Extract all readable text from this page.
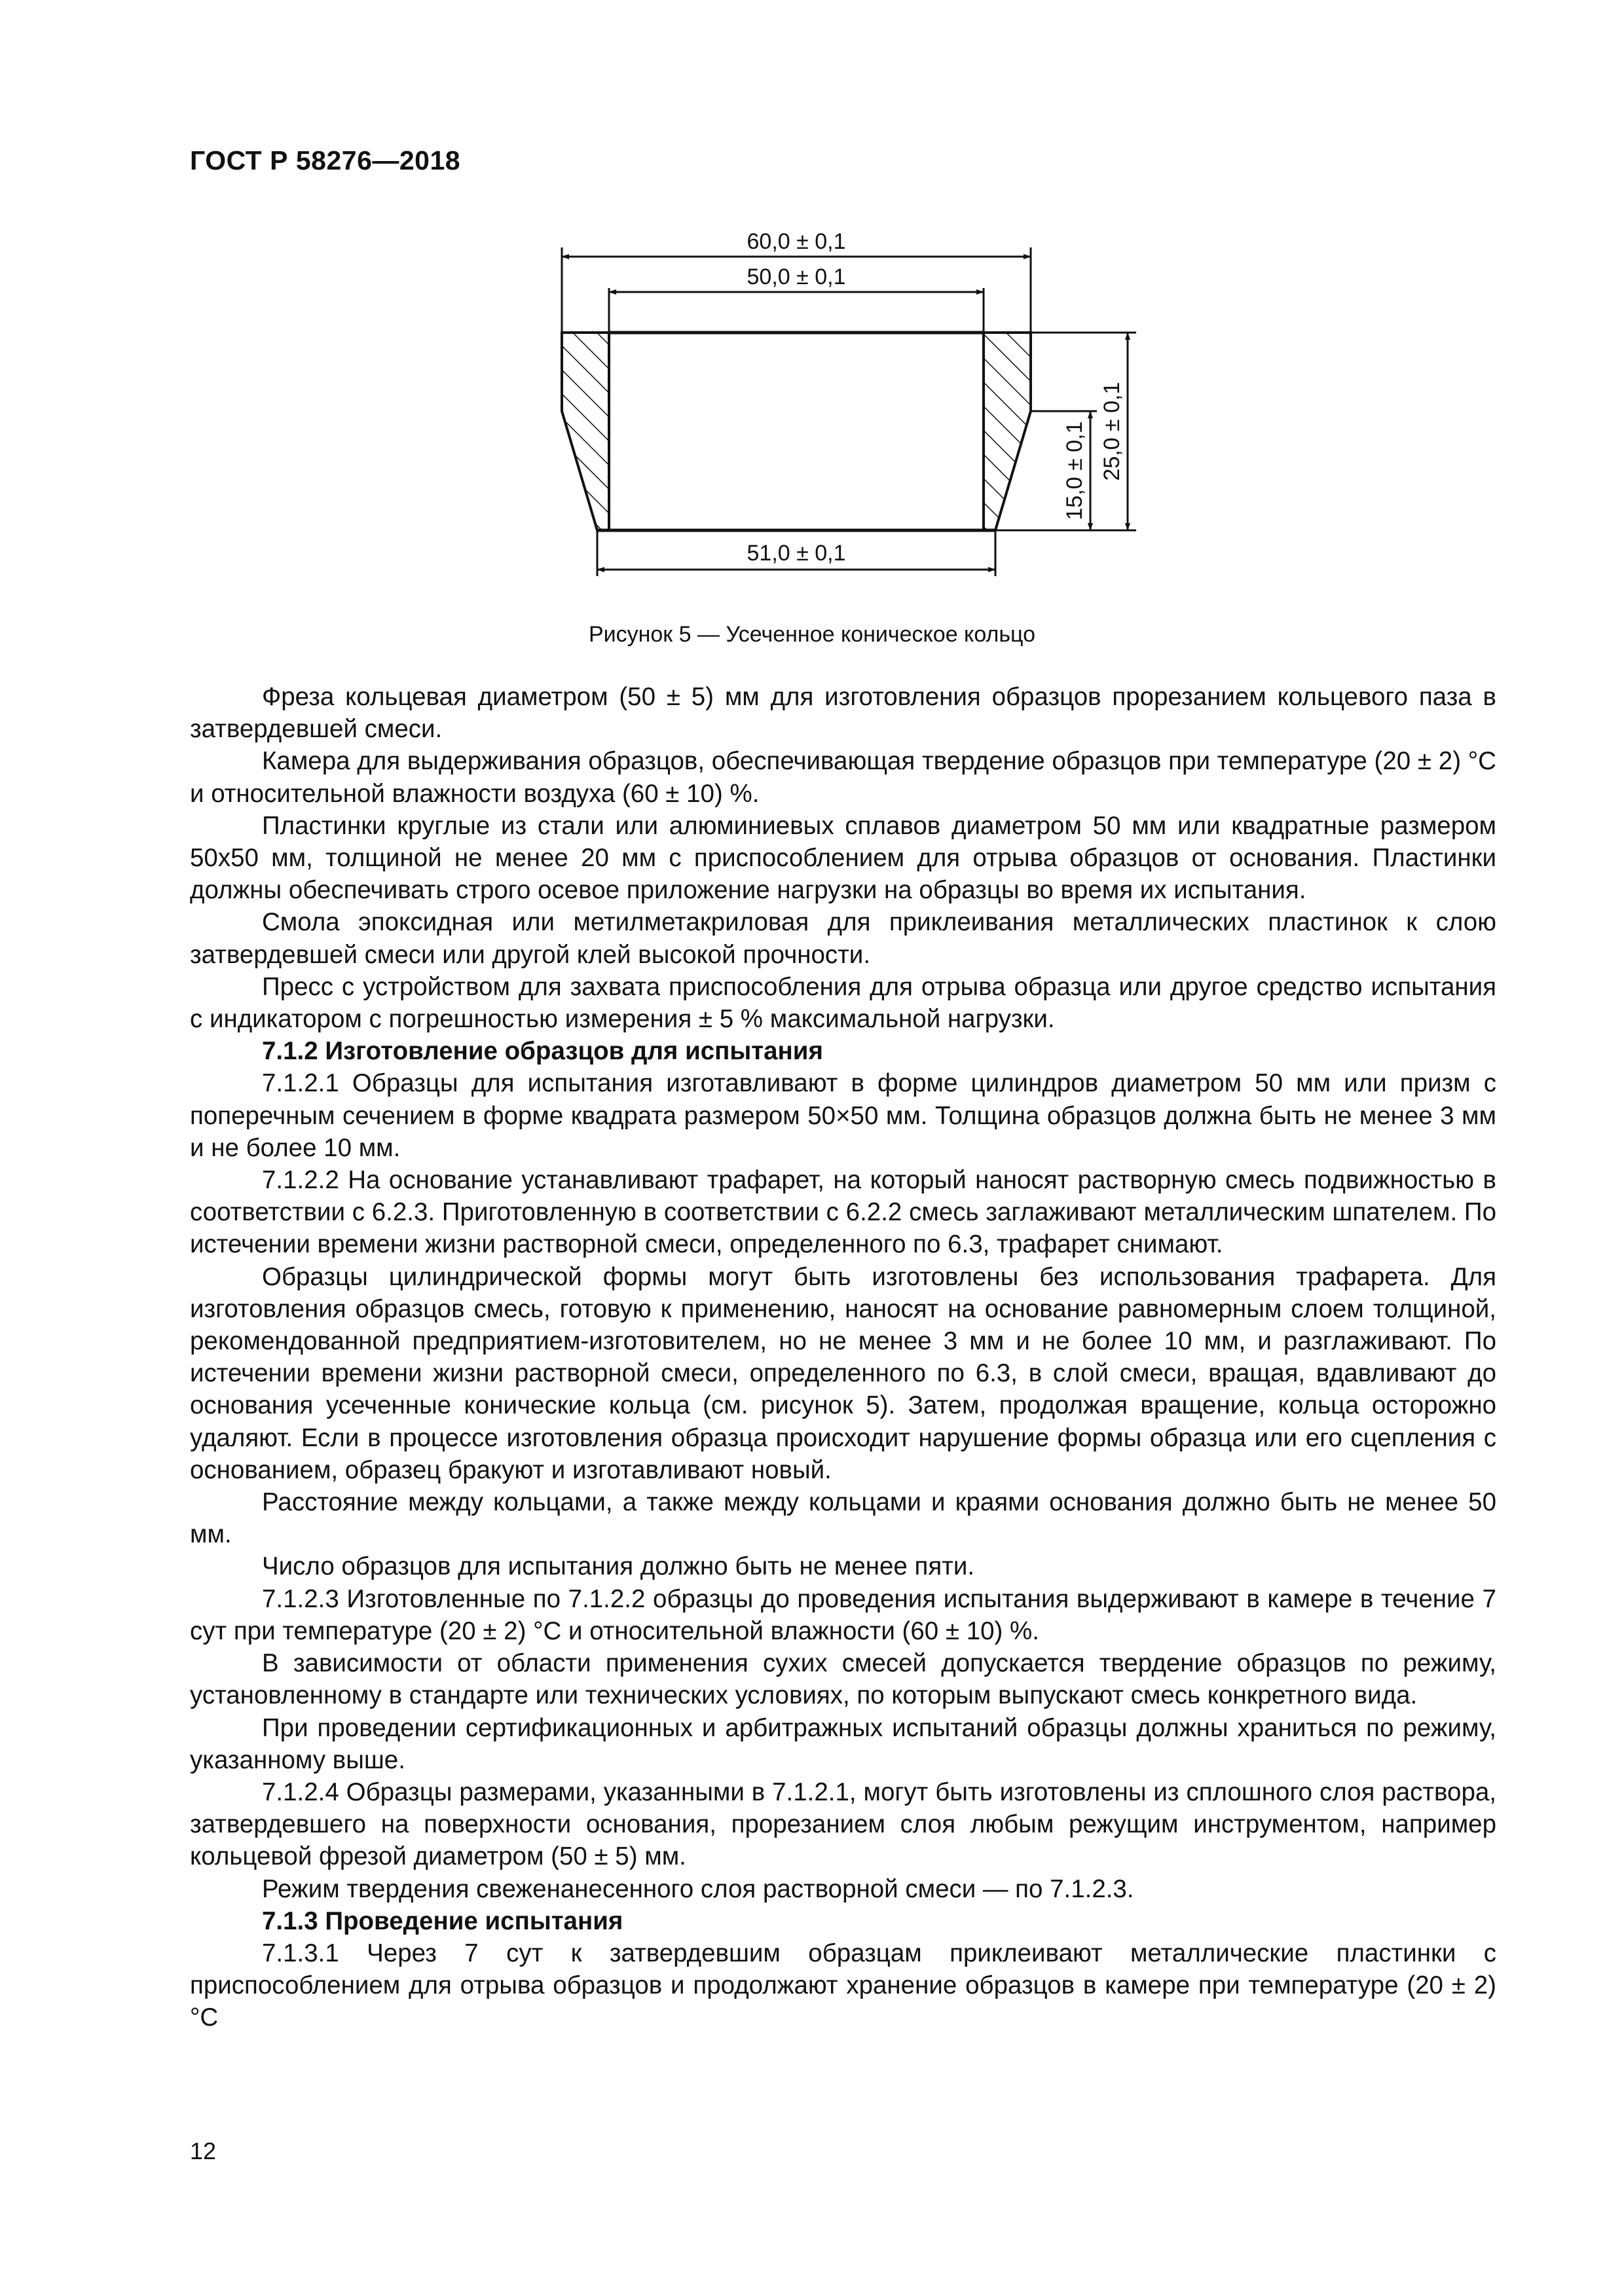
ГОСТ Р 58276—2018
60,0 ± 0,1
50,0 ± 0,1
51,0 ± 0,1
15,0 ± 0,1 25,0 ± 0,1
Рисунок 5 — Усеченное коническое кольцо

Фреза кольцевая диаметром (50 ± 5) мм для изготовления образцов прорезанием кольцевого паза в затвердевшей смеси.

Камера для выдерживания образцов, обеспечивающая твердение образцов при температуре (20 ± 2) °С и относительной влажности воздуха (60 ± 10) %.

Пластинки круглые из стали или алюминиевых сплавов диаметром 50 мм или квадратные размером 50х50 мм, толщиной не менее 20 мм с приспособлением для отрыва образцов от основания. Пластинки должны обеспечивать строго осевое приложение нагрузки на образцы во время их испытания.

Смола эпоксидная или метилметакриловая для приклеивания металлических пластинок к слою затвердевшей смеси или другой клей высокой прочности.

Пресс с устройством для захвата приспособления для отрыва образца или другое средство испытания с индикатором с погрешностью измерения ± 5 % максимальной нагрузки.

7.1.2 Изготовление образцов для испытания

7.1.2.1 Образцы для испытания изготавливают в форме цилиндров диаметром 50 мм или призм с поперечным сечением в форме квадрата размером 50×50 мм. Толщина образцов должна быть не менее 3 мм и не более 10 мм.

7.1.2.2 На основание устанавливают трафарет, на который наносят растворную смесь подвижностью в соответствии с 6.2.3. Приготовленную в соответствии с 6.2.2 смесь заглаживают металлическим шпателем. По истечении времени жизни растворной смеси, определенного по 6.3, трафарет снимают.

Образцы цилиндрической формы могут быть изготовлены без использования трафарета. Для изготовления образцов смесь, готовую к применению, наносят на основание равномерным слоем толщиной, рекомендованной предприятием-изготовителем, но не менее 3 мм и не более 10 мм, и разглаживают. По истечении времени жизни растворной смеси, определенного по 6.3, в слой смеси, вращая, вдавливают до основания усеченные конические кольца (см. рисунок 5). Затем, продолжая вращение, кольца осторожно удаляют. Если в процессе изготовления образца происходит нарушение формы образца или его сцепления с основанием, образец бракуют и изготавливают новый.

Расстояние между кольцами, а также между кольцами и краями основания должно быть не менее 50 мм.

Число образцов для испытания должно быть не менее пяти.

7.1.2.3 Изготовленные по 7.1.2.2 образцы до проведения испытания выдерживают в камере в течение 7 сут при температуре (20 ± 2) °С и относительной влажности (60 ± 10) %.

В зависимости от области применения сухих смесей допускается твердение образцов по режиму, установленному в стандарте или технических условиях, по которым выпускают смесь конкретного вида.

При проведении сертификационных и арбитражных испытаний образцы должны храниться по режиму, указанному выше.

7.1.2.4 Образцы размерами, указанными в 7.1.2.1, могут быть изготовлены из сплошного слоя раствора, затвердевшего на поверхности основания, прорезанием слоя любым режущим инструментом, например кольцевой фрезой диаметром (50 ± 5) мм.

Режим твердения свеженанесенного слоя растворной смеси — по 7.1.2.3.

7.1.3 Проведение испытания

7.1.3.1 Через 7 сут к затвердевшим образцам приклеивают металлические пластинки с приспособлением для отрыва образцов и продолжают хранение образцов в камере при температуре (20 ± 2) °С

12
